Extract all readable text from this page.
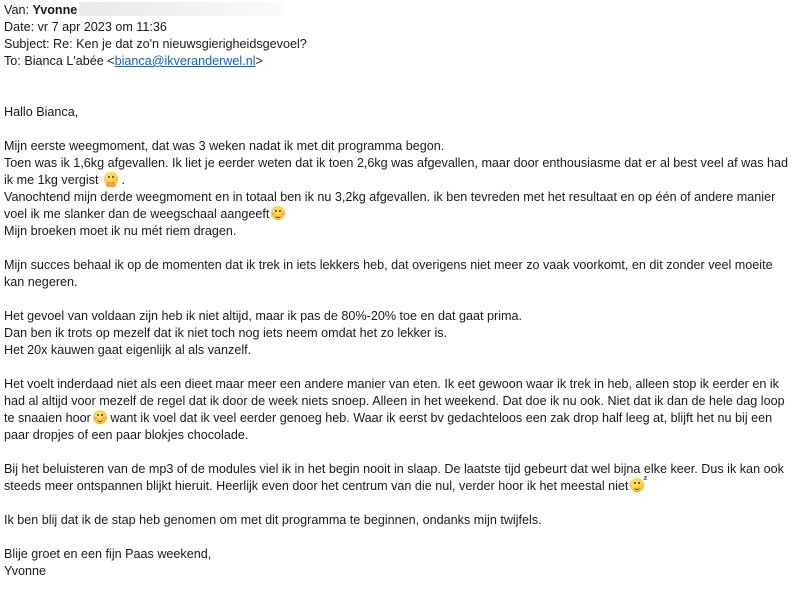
Van: Yvonne
Date: vr 7 apr 2023 om 11:36
Subject: Re: Ken je dat zo'n nieuwsgierigheidsgevoel?
To: Bianca L'abée <bianca@ikveranderwel.nl>
Hallo Bianca,
Mijn eerste weegmoment, dat was 3 weken nadat ik met dit programma begon.
Toen was ik 1,6kg afgevallen. Ik liet je eerder weten dat ik toen 2,6kg was afgevallen, maar door enthousiasme dat er al best veel af was had ik me 1kg vergist .
Vanochtend mijn derde weegmoment en in totaal ben ik nu 3,2kg afgevallen. ik ben tevreden met het resultaat en op één of andere manier voel ik me slanker dan de weegschaal aangeeft
Mijn broeken moet ik nu mét riem dragen.
Mijn succes behaal ik op de momenten dat ik trek in iets lekkers heb, dat overigens niet meer zo vaak voorkomt, en dit zonder veel moeite kan negeren.
Het gevoel van voldaan zijn heb ik niet altijd, maar ik pas de 80%-20% toe en dat gaat prima.
Dan ben ik trots op mezelf dat ik niet toch nog iets neem omdat het zo lekker is.
Het 20x kauwen gaat eigenlijk al als vanzelf.
Het voelt inderdaad niet als een dieet maar meer een andere manier van eten. Ik eet gewoon waar ik trek in heb, alleen stop ik eerder en ik had al altijd voor mezelf de regel dat ik door de week niets snoep. Alleen in het weekend. Dat doe ik nu ook. Niet dat ik dan de hele dag loop te snaaien hoor
want ik voel dat ik veel eerder genoeg heb. Waar ik eerst bv gedachteloos een zak drop half leeg at, blijft het nu bij een paar dropjes of een paar blokjes chocolade.
Bij het beluisteren van de mp3 of de modules viel ik in het begin nooit in slaap. De laatste tijd gebeurt dat wel bijna elke keer. Dus ik kan ook steeds meer ontspannen blijkt hieruit. Heerlijk even door het centrum van die nul, verder hoor ik het meestal niet
z
Ik ben blij dat ik de stap heb genomen om met dit programma te beginnen, ondanks mijn twijfels.
Blije groet en een fijn Paas weekend,
Yvonne
